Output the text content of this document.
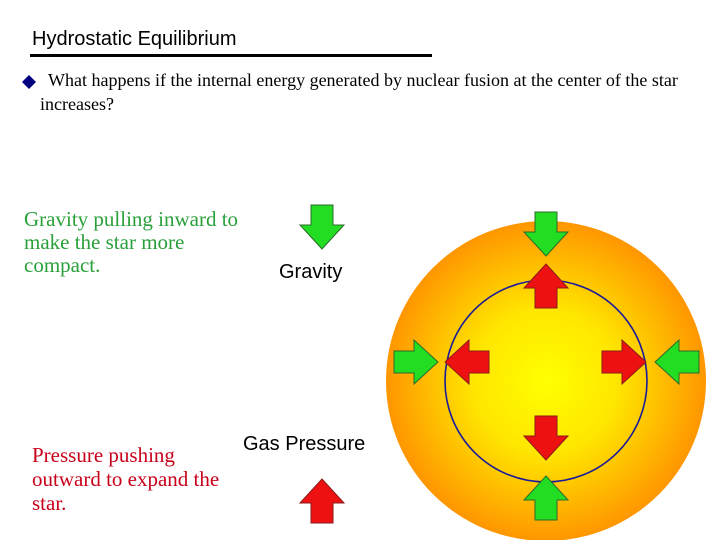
Hydrostatic Equilibrium
What happens if the internal energy generated by nuclear fusion at the center of the star increases?
Gravity pulling inward to make the star more compact.
Pressure pushing outward to expand the star.
Gravity
Gas Pressure
